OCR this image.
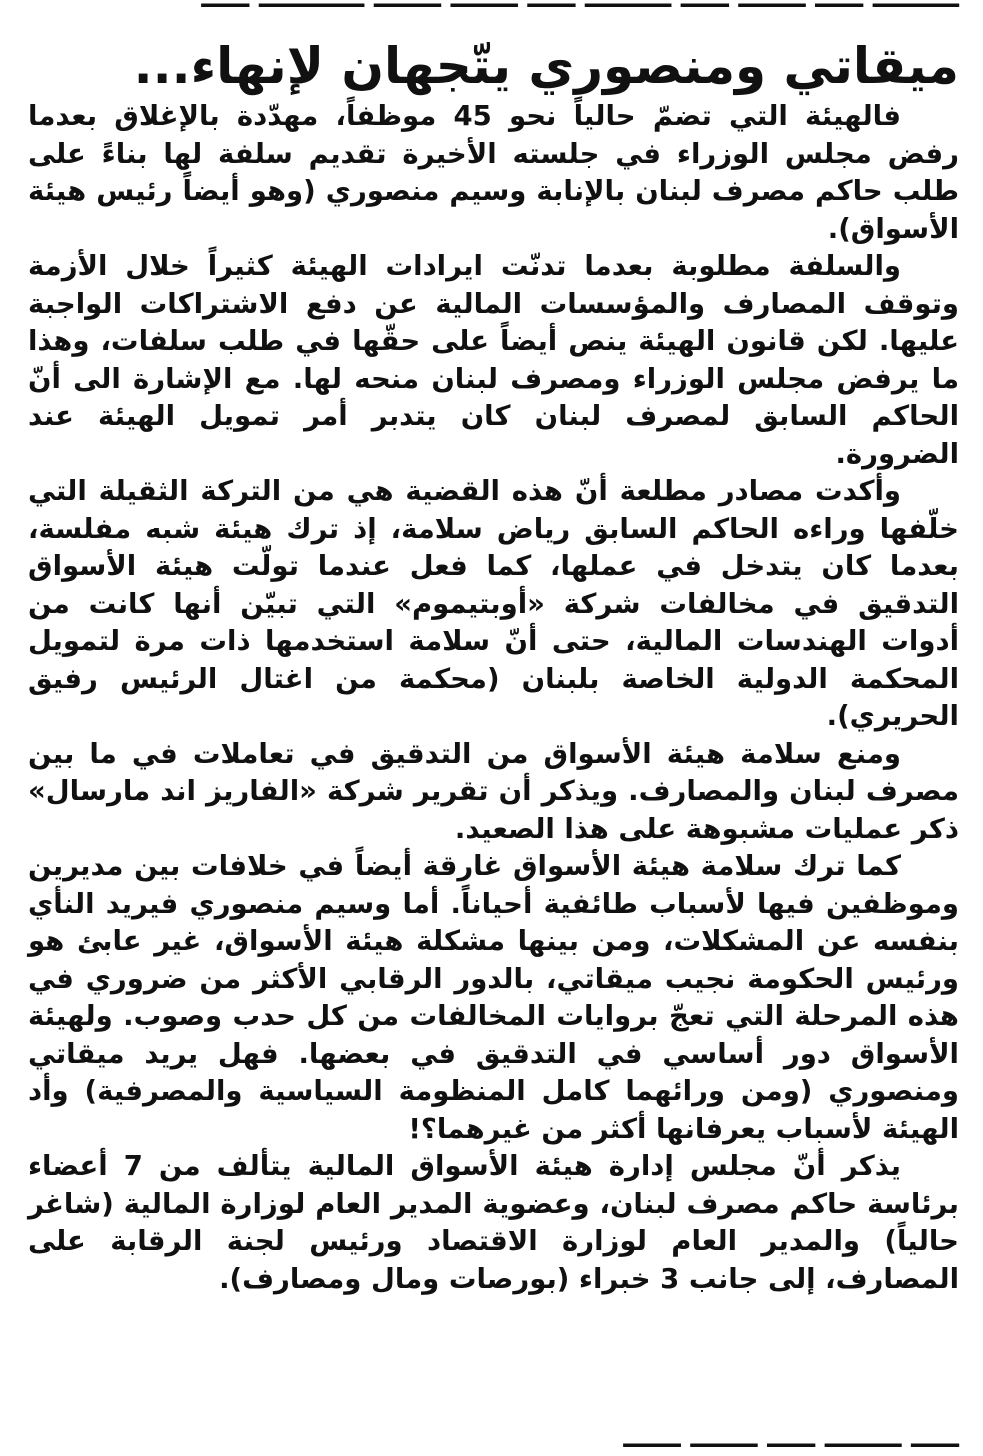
ميقاتي ومنصوري يتّجهان لإنهاء...

فالهيئة التي تضمّ حالياً نحو 45 موظفاً، مهدّدة بالإغلاق بعدما رفض مجلس الوزراء في جلسته الأخيرة تقديم سلفة لها بناءً على طلب حاكم مصرف لبنان بالإنابة وسيم منصوري (وهو أيضاً رئيس هيئة الأسواق).

والسلفة مطلوبة بعدما تدنّت ايرادات الهيئة كثيراً خلال الأزمة وتوقف المصارف والمؤسسات المالية عن دفع الاشتراكات الواجبة عليها. لكن قانون الهيئة ينص أيضاً على حقّها في طلب سلفات، وهذا ما يرفض مجلس الوزراء ومصرف لبنان منحه لها. مع الإشارة الى أنّ الحاكم السابق لمصرف لبنان كان يتدبر أمر تمويل الهيئة عند الضرورة.

وأكدت مصادر مطلعة أنّ هذه القضية هي من التركة الثقيلة التي خلّفها وراءه الحاكم السابق رياض سلامة، إذ ترك هيئة شبه مفلسة، بعدما كان يتدخل في عملها، كما فعل عندما تولّت هيئة الأسواق التدقيق في مخالفات شركة «أوبتيموم» التي تبيّن أنها كانت من أدوات الهندسات المالية، حتى أنّ سلامة استخدمها ذات مرة لتمويل المحكمة الدولية الخاصة بلبنان (محكمة من اغتال الرئيس رفيق الحريري).

ومنع سلامة هيئة الأسواق من التدقيق في تعاملات في ما بين مصرف لبنان والمصارف. ويذكر أن تقرير شركة «الفاريز اند مارسال» ذكر عمليات مشبوهة على هذا الصعيد.

كما ترك سلامة هيئة الأسواق غارقة أيضاً في خلافات بين مديرين وموظفين فيها لأسباب طائفية أحياناً. أما وسيم منصوري فيريد النأي بنفسه عن المشكلات، ومن بينها مشكلة هيئة الأسواق، غير عابئ هو ورئيس الحكومة نجيب ميقاتي، بالدور الرقابي الأكثر من ضروري في هذه المرحلة التي تعجّ بروايات المخالفات من كل حدب وصوب. ولهيئة الأسواق دور أساسي في التدقيق في بعضها. فهل يريد ميقاتي ومنصوري (ومن ورائهما كامل المنظومة السياسية والمصرفية) وأد الهيئة لأسباب يعرفانها أكثر من غيرهما؟!

يذكر أنّ مجلس إدارة هيئة الأسواق المالية يتألف من 7 أعضاء برئاسة حاكم مصرف لبنان، وعضوية المدير العام لوزارة المالية (شاغر حالياً) والمدير العام لوزارة الاقتصاد ورئيس لجنة الرقابة على المصارف، إلى جانب 3 خبراء (بورصات ومال ومصارف).

ـــــ ــــــــ ـــــ ـــــــ ــــــ
